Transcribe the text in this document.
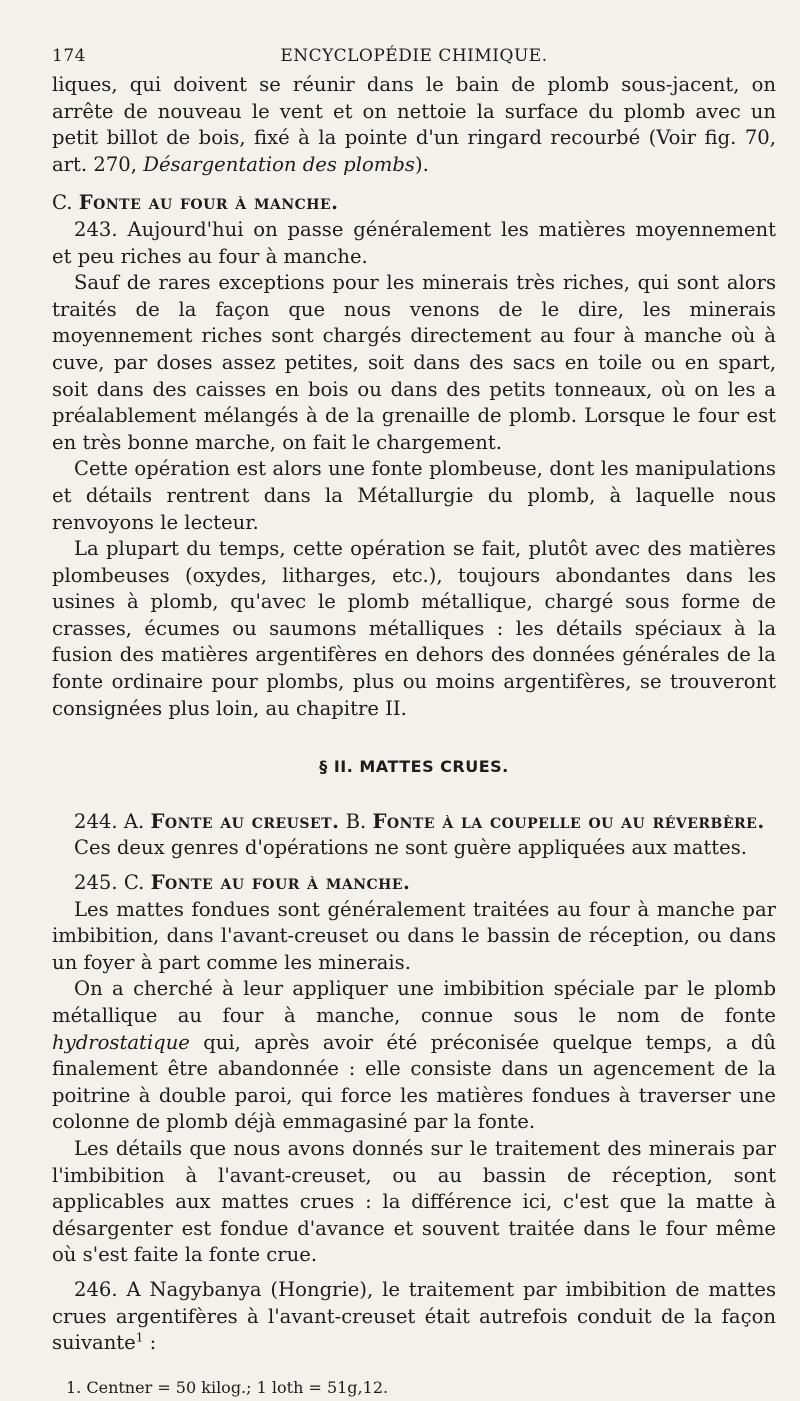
174	ENCYCLOPÉDIE CHIMIQUE.

liques, qui doivent se réunir dans le bain de plomb sous-jacent, on arrête de nouveau le vent et on nettoie la surface du plomb avec un petit billot de bois, fixé à la pointe d'un ringard recourbé (Voir fig. 70, art. 270, Désargentation des plombs).

C. Fonte au four à manche.

243. Aujourd'hui on passe généralement les matières moyennement et peu riches au four à manche.

Sauf de rares exceptions pour les minerais très riches, qui sont alors traités de la façon que nous venons de le dire, les minerais moyennement riches sont chargés directement au four à manche où à cuve, par doses assez petites, soit dans des sacs en toile ou en spart, soit dans des caisses en bois ou dans des petits tonneaux, où on les a préalablement mélangés à de la grenaille de plomb. Lorsque le four est en très bonne marche, on fait le chargement.

Cette opération est alors une fonte plombeuse, dont les manipulations et détails rentrent dans la Métallurgie du plomb, à laquelle nous renvoyons le lecteur.

La plupart du temps, cette opération se fait, plutôt avec des matières plombeuses (oxydes, litharges, etc.), toujours abondantes dans les usines à plomb, qu'avec le plomb métallique, chargé sous forme de crasses, écumes ou saumons métalliques : les détails spéciaux à la fusion des matières argentifères en dehors des données générales de la fonte ordinaire pour plombs, plus ou moins argentifères, se trouveront consignées plus loin, au chapitre II.

§ II. MATTES CRUES.

244. A. Fonte au creuset. B. Fonte à la coupelle ou au réverbère.

Ces deux genres d'opérations ne sont guère appliquées aux mattes.

245. C. Fonte au four à manche.

Les mattes fondues sont généralement traitées au four à manche par imbibition, dans l'avant-creuset ou dans le bassin de réception, ou dans un foyer à part comme les minerais.

On a cherché à leur appliquer une imbibition spéciale par le plomb métallique au four à manche, connue sous le nom de fonte hydrostatique qui, après avoir été préconisée quelque temps, a dû finalement être abandonnée : elle consiste dans un agencement de la poitrine à double paroi, qui force les matières fondues à traverser une colonne de plomb déjà emmagasiné par la fonte.

Les détails que nous avons donnés sur le traitement des minerais par l'imbibition à l'avant-creuset, ou au bassin de réception, sont applicables aux mattes crues : la différence ici, c'est que la matte à désargenter est fondue d'avance et souvent traitée dans le four même où s'est faite la fonte crue.

246. A Nagybanya (Hongrie), le traitement par imbibition de mattes crues argentifères à l'avant-creuset était autrefois conduit de la façon suivante$^1$ :

1. Centner = 50 kilog.; 1 loth = 51g,12.
